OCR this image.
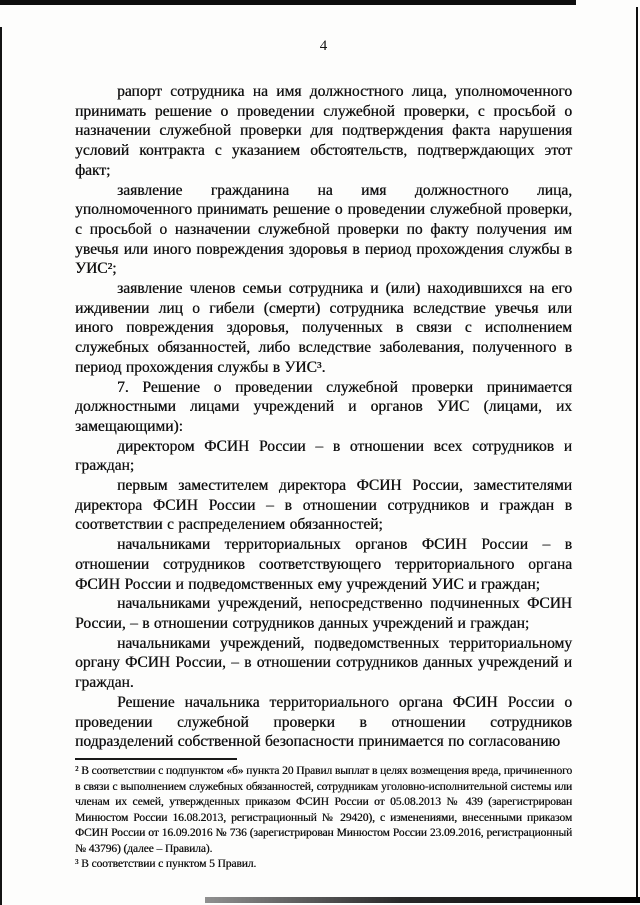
4

рапорт сотрудника на имя должностного лица, уполномоченного принимать решение о проведении служебной проверки, с просьбой о назначении служебной проверки для подтверждения факта нарушения условий контракта с указанием обстоятельств, подтверждающих этот факт;

заявление гражданина на имя должностного лица, уполномоченного принимать решение о проведении служебной проверки, с просьбой о назначении служебной проверки по факту получения им увечья или иного повреждения здоровья в период прохождения службы в УИС²;

заявление членов семьи сотрудника и (или) находившихся на его иждивении лиц о гибели (смерти) сотрудника вследствие увечья или иного повреждения здоровья, полученных в связи с исполнением служебных обязанностей, либо вследствие заболевания, полученного в период прохождения службы в УИС³.

7. Решение о проведении служебной проверки принимается должностными лицами учреждений и органов УИС (лицами, их замещающими):

директором ФСИН России – в отношении всех сотрудников и граждан;

первым заместителем директора ФСИН России, заместителями директора ФСИН России – в отношении сотрудников и граждан в соответствии с распределением обязанностей;

начальниками территориальных органов ФСИН России – в отношении сотрудников соответствующего территориального органа ФСИН России и подведомственных ему учреждений УИС и граждан;

начальниками учреждений, непосредственно подчиненных ФСИН России, – в отношении сотрудников данных учреждений и граждан;

начальниками учреждений, подведомственных территориальному органу ФСИН России, – в отношении сотрудников данных учреждений и граждан.

Решение начальника территориального органа ФСИН России о проведении служебной проверки в отношении сотрудников подразделений собственной безопасности принимается по согласованию

² В соответствии с подпунктом «б» пункта 20 Правил выплат в целях возмещения вреда, причиненного в связи с выполнением служебных обязанностей, сотрудникам уголовно-исполнительной системы или членам их семей, утвержденных приказом ФСИН России от 05.08.2013 № 439 (зарегистрирован Минюстом России 16.08.2013, регистрационный № 29420), с изменениями, внесенными приказом ФСИН России от 16.09.2016 № 736 (зарегистрирован Минюстом России 23.09.2016, регистрационный № 43796) (далее – Правила).

³ В соответствии с пунктом 5 Правил.
